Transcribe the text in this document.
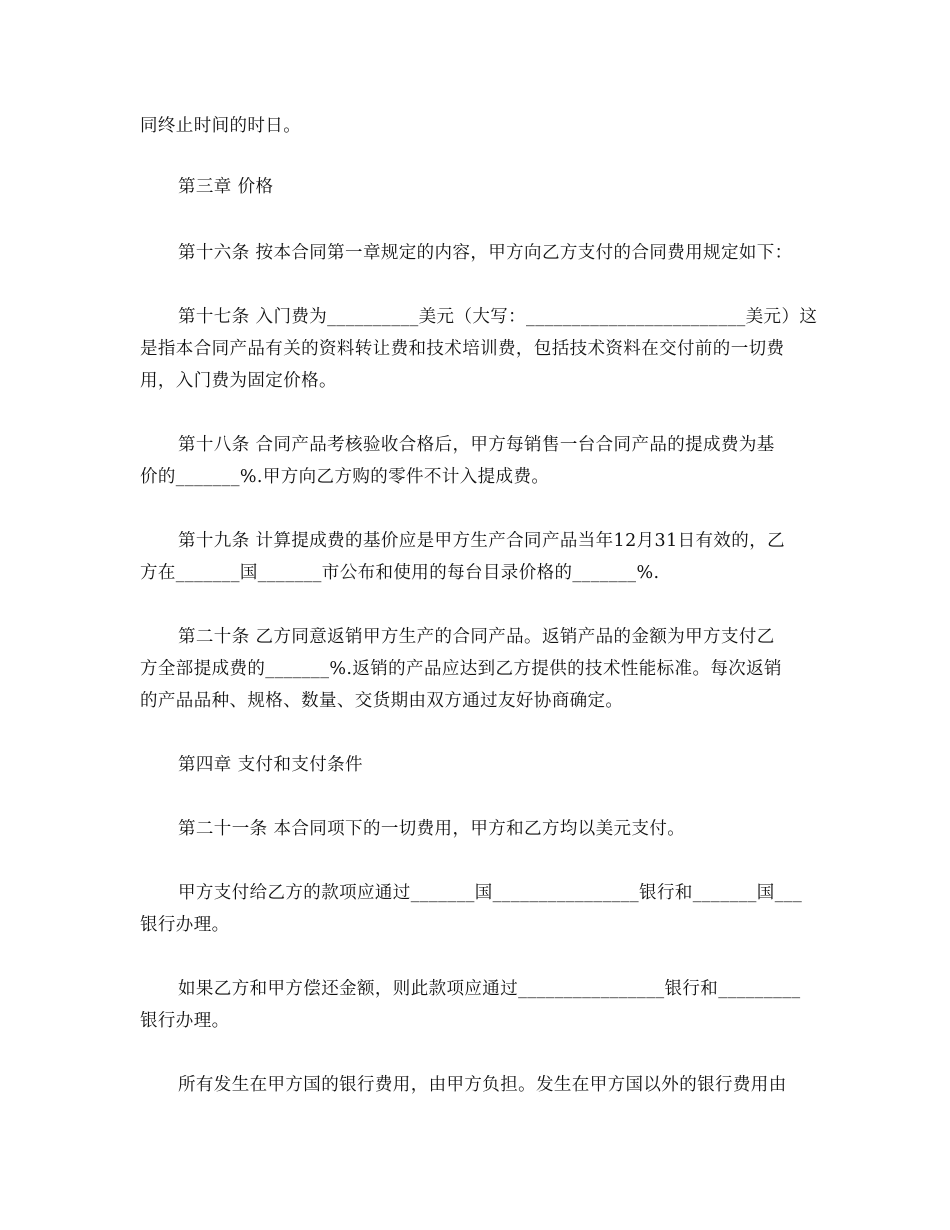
同终止时间的时日。
第三章 价格
第十六条 按本合同第一章规定的内容，甲方向乙方支付的合同费用规定如下：
第十七条 入门费为__________美元（大写：________________________美元）这
是指本合同产品有关的资料转让费和技术培训费，包括技术资料在交付前的一切费
用，入门费为固定价格。
第十八条 合同产品考核验收合格后，甲方每销售一台合同产品的提成费为基
价的_______%.甲方向乙方购的零件不计入提成费。
第十九条 计算提成费的基价应是甲方生产合同产品当年12月31日有效的，乙
方在_______国_______市公布和使用的每台目录价格的_______%.
第二十条 乙方同意返销甲方生产的合同产品。返销产品的金额为甲方支付乙
方全部提成费的_______%.返销的产品应达到乙方提供的技术性能标准。每次返销
的产品品种、规格、数量、交货期由双方通过友好协商确定。
第四章 支付和支付条件
第二十一条 本合同项下的一切费用，甲方和乙方均以美元支付。
甲方支付给乙方的款项应通过_______国________________银行和_______国___
银行办理。
如果乙方和甲方偿还金额，则此款项应通过________________银行和_________
银行办理。
所有发生在甲方国的银行费用，由甲方负担。发生在甲方国以外的银行费用由
